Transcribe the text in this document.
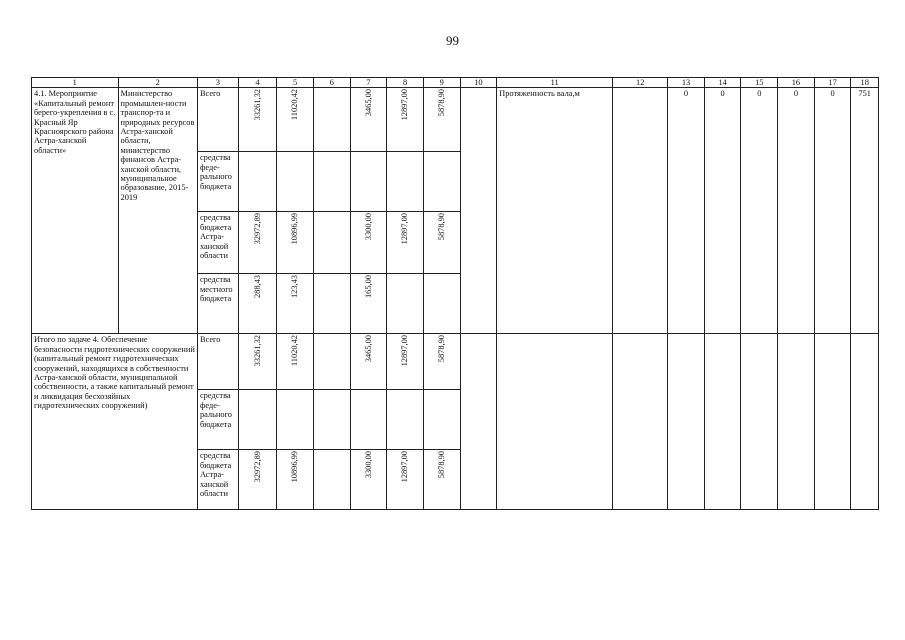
99
1	2	3	4	5	6	7	8	9	10	11	12	13	14	15	16	17	18
4.1. Мероприятие «Капитальный ремонт берего-укрепления в с. Красный Яр Красноярского района Астра-ханской области»	Министерство промышлен-ности транспор-та и природных ресурсов Астра-ханской области, министерство финансов Астра-ханской области, муниципальное образование, 2015-2019	Всего	33261,32	11020,42		3465,00	12897,00	5878,90		Протяженность вала,м		0	0	0	0	0	751
		средства феде-рального бюджета															
		средства бюджета Астра-ханской области	32972,89	10896,99		3300,00	12897,00	5878,90									
		средства местного бюджета	288,43	123,43		165,00											
Итого по задаче 4. Обеспечение безопасности гидротехнических сооружений (капитальный ремонт гидротехнических сооружений, находящихся в собственности Астра-ханской области, муниципальной собственности, а также капитальный ремонт и ликвидация бесхозяйных гидротехнических сооружений)		Всего	33261,32	11020,42		3465,00	12897,00	5878,90									
		средства феде-рального бюджета															
		средства бюджета Астра-ханской области	32972,89	10896,99		3300,00	12897,00	5878,90									
